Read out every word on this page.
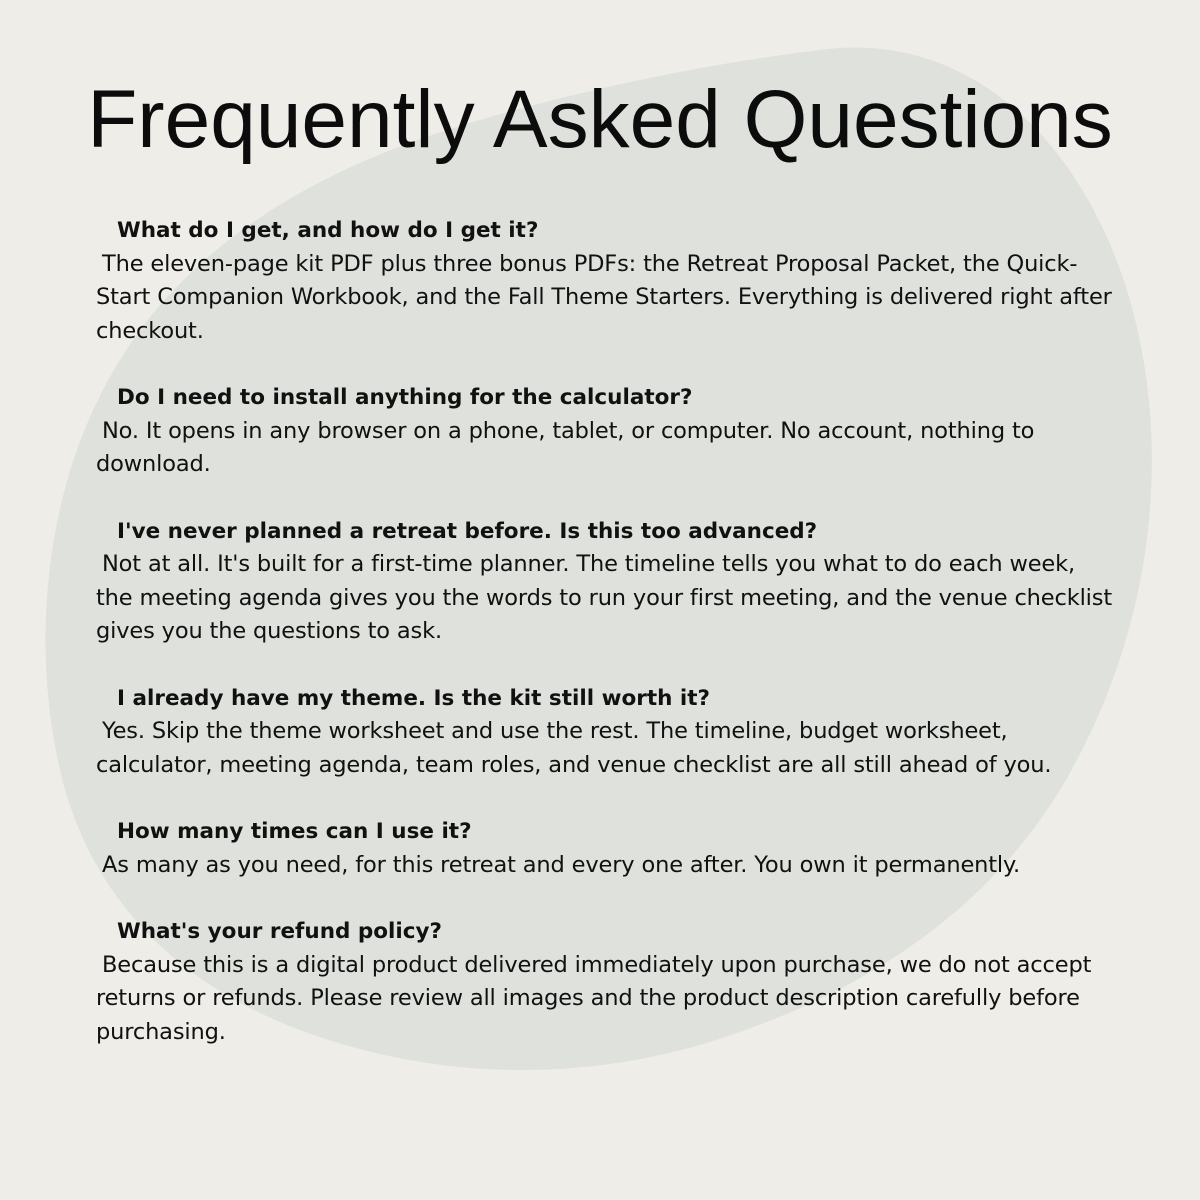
Frequently Asked Questions
What do I get, and how do I get it?
The eleven-page kit PDF plus three bonus PDFs: the Retreat Proposal Packet, the Quick-Start Companion Workbook, and the Fall Theme Starters. Everything is delivered right after checkout.
Do I need to install anything for the calculator?
No. It opens in any browser on a phone, tablet, or computer. No account, nothing to download.
I've never planned a retreat before. Is this too advanced?
Not at all. It's built for a first-time planner. The timeline tells you what to do each week, the meeting agenda gives you the words to run your first meeting, and the venue checklist gives you the questions to ask.
I already have my theme. Is the kit still worth it?
Yes. Skip the theme worksheet and use the rest. The timeline, budget worksheet, calculator, meeting agenda, team roles, and venue checklist are all still ahead of you.
How many times can I use it?
As many as you need, for this retreat and every one after. You own it permanently.
What's your refund policy?
Because this is a digital product delivered immediately upon purchase, we do not accept returns or refunds. Please review all images and the product description carefully before purchasing.
